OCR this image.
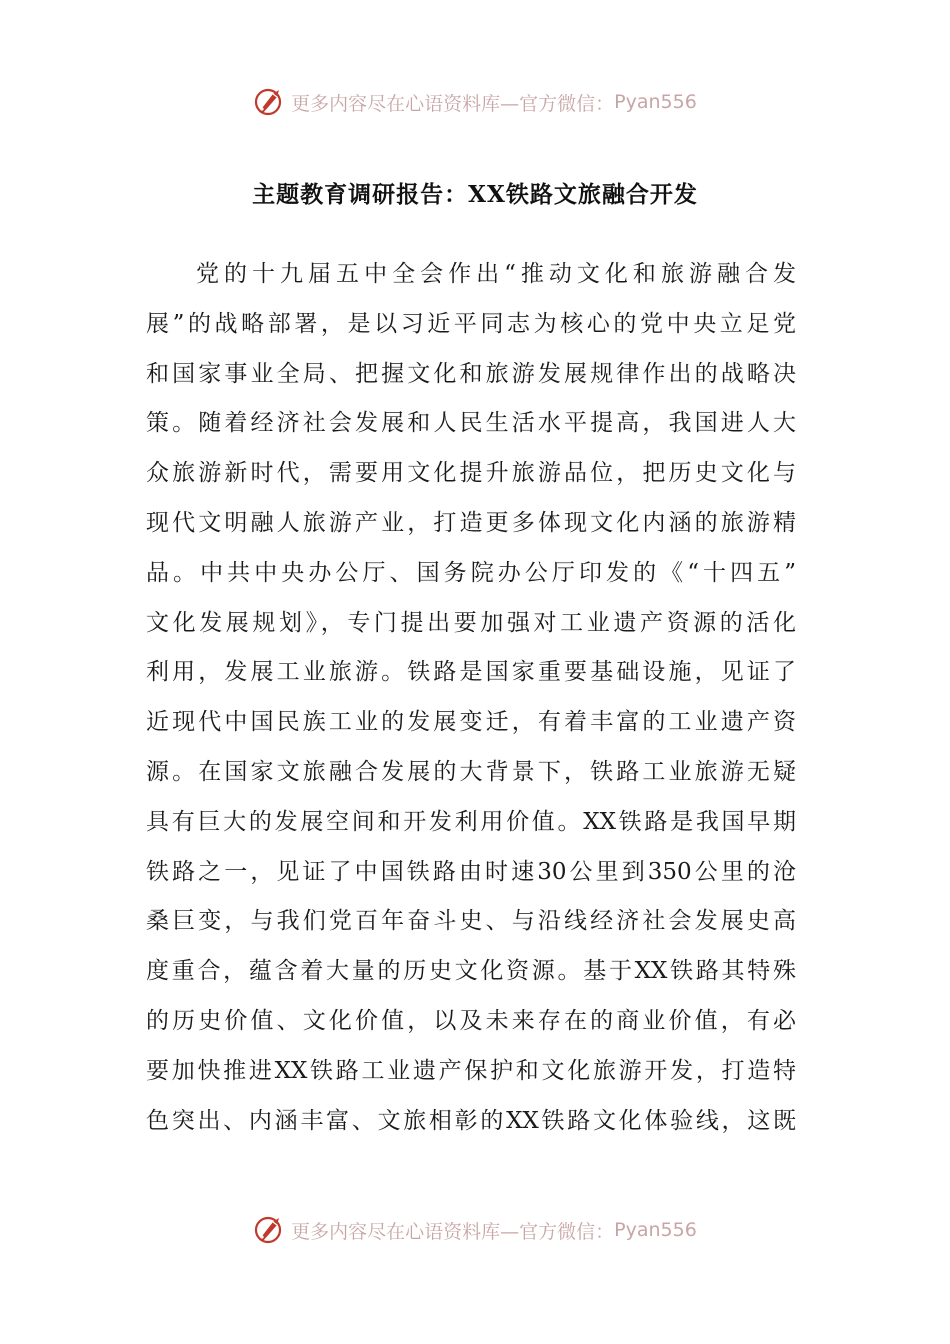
更多内容尽在心语资料库—官方微信： Pyan556
主题教育调研报告：XX铁路文旅融合开发
党的十九届五中全会作出“推动文化和旅游融合发
展”的战略部署，是以习近平同志为核心的党中央立足党
和国家事业全局、把握文化和旅游发展规律作出的战略决
策。随着经济社会发展和人民生活水平提高，我国进人大
众旅游新时代，需要用文化提升旅游品位，把历史文化与
现代文明融人旅游产业，打造更多体现文化内涵的旅游精
品。中共中央办公厅、国务院办公厅印发的《“十四五”
文化发展规划》，专门提出要加强对工业遗产资源的活化
利用，发展工业旅游。铁路是国家重要基础设施，见证了
近现代中国民族工业的发展变迁，有着丰富的工业遗产资
源。在国家文旅融合发展的大背景下，铁路工业旅游无疑
具有巨大的发展空间和开发利用价值。XX铁路是我国早期
铁路之一，见证了中国铁路由时速30公里到350公里的沧
桑巨变，与我们党百年奋斗史、与沿线经济社会发展史高
度重合，蕴含着大量的历史文化资源。基于XX铁路其特殊
的历史价值、文化价值，以及未来存在的商业价值，有必
要加快推进XX铁路工业遗产保护和文化旅游开发，打造特
色突出、内涵丰富、文旅相彰的XX铁路文化体验线，这既
更多内容尽在心语资料库—官方微信： Pyan556
